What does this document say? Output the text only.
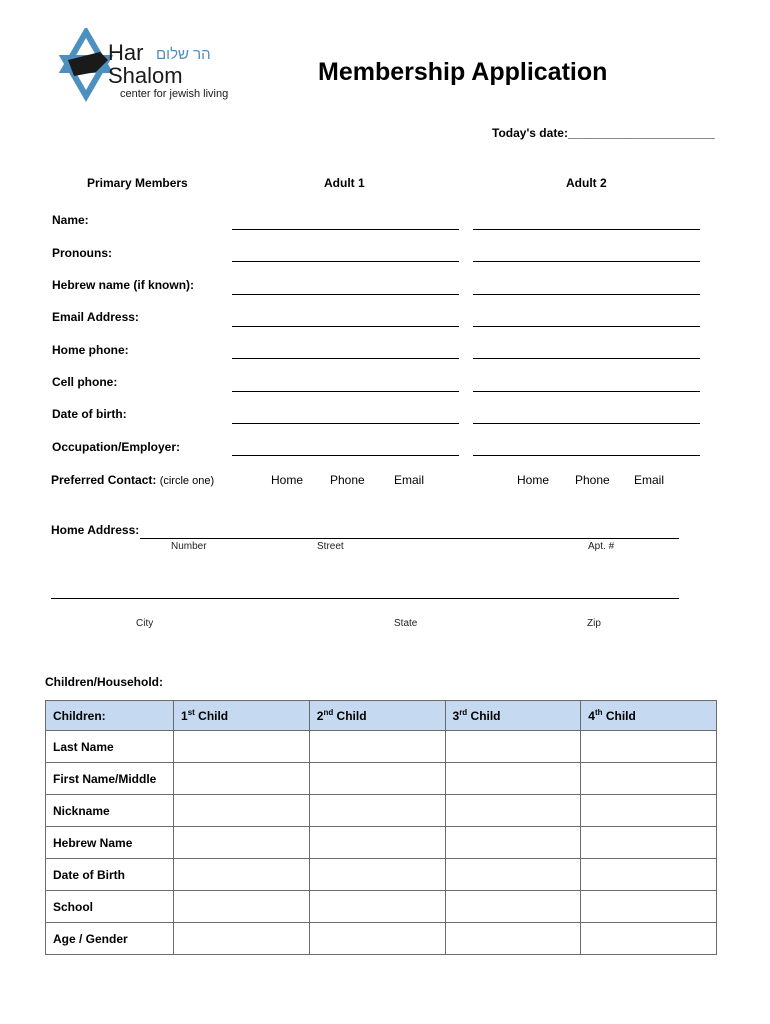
Har הר שלום
Shalom
center for jewish living
Membership Application
Today's date:______________________
Primary Members	Adult 1	Adult 2
Name:
Pronouns:
Hebrew name (if known):
Email Address:
Home phone:
Cell phone:
Date of birth:
Occupation/Employer:
Preferred Contact: (circle one)	Home Phone Email	Home Phone Email
Home Address:
Number	Street	Apt. #
City	State	Zip
Children/Household:
Children:	1st Child	2nd Child	3rd Child	4th Child
Last Name				
First Name/Middle				
Nickname				
Hebrew Name				
Date of Birth				
School				
Age / Gender				
